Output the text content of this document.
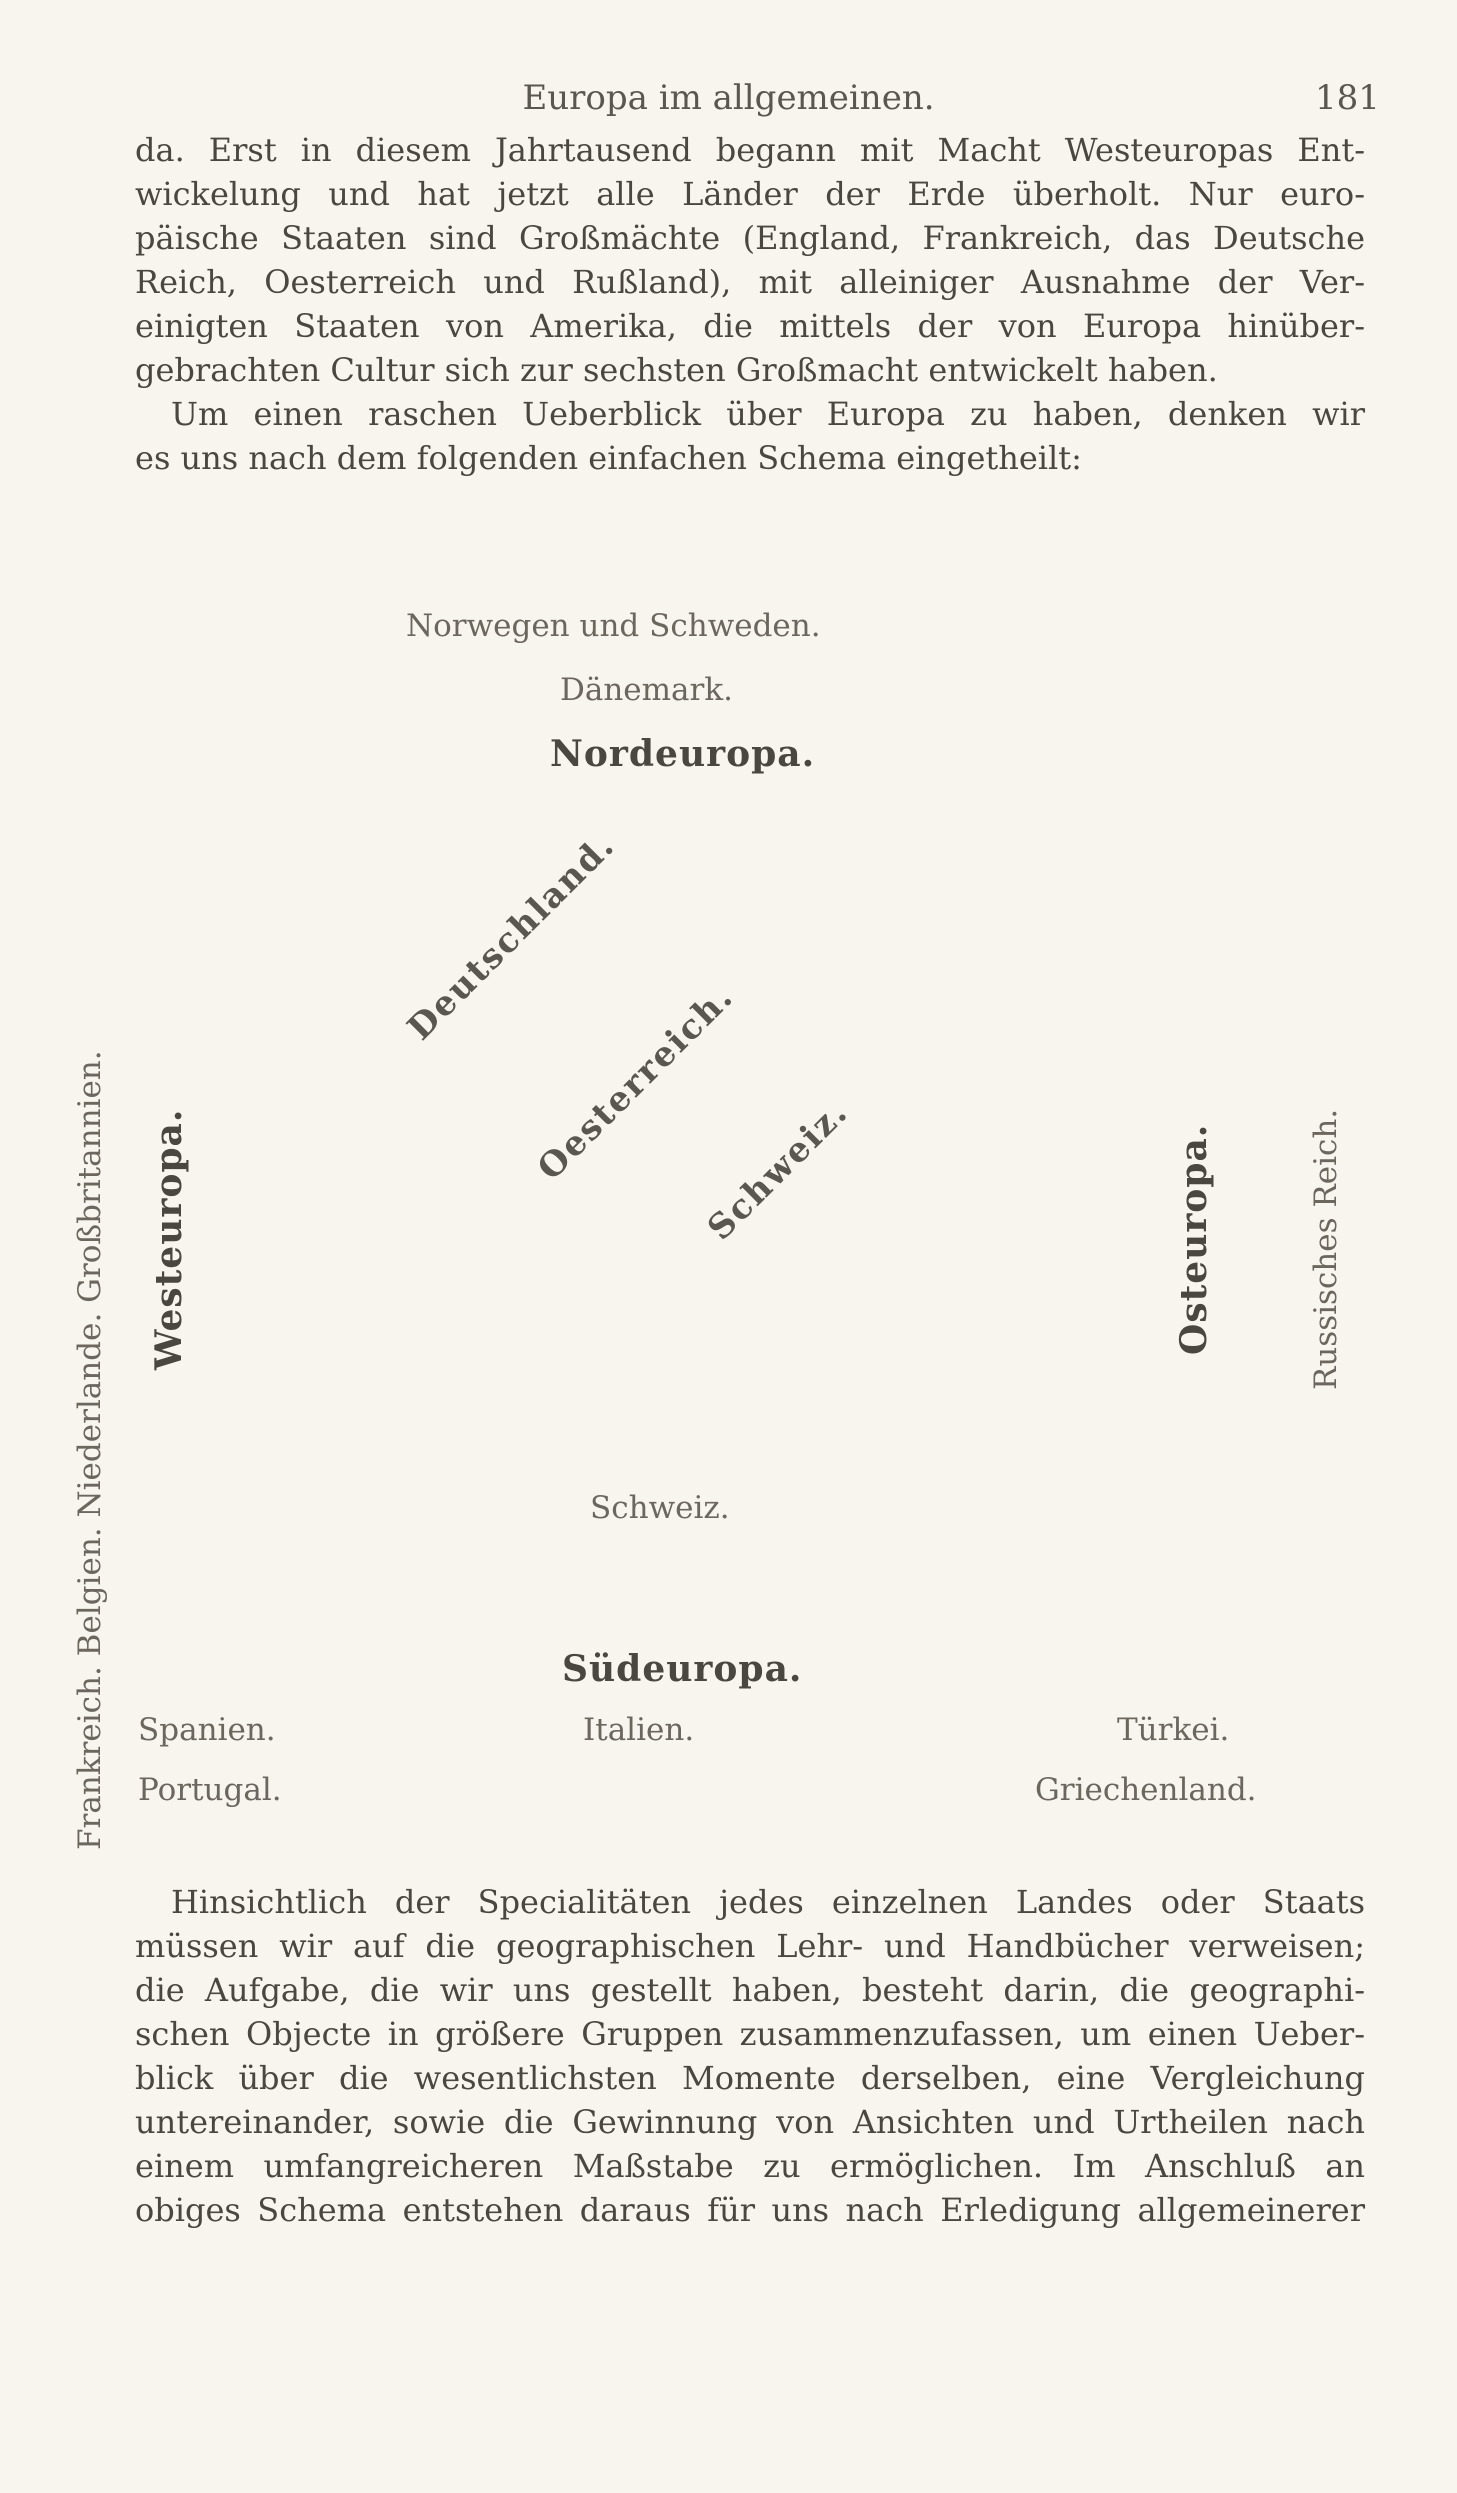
Europa im allgemeinen.	181
da. Erst in diesem Jahrtausend begann mit Macht Westeuropas Ent-
wickelung und hat jetzt alle Länder der Erde überholt. Nur euro-
päische Staaten sind Großmächte (England, Frankreich, das Deutsche
Reich, Oesterreich und Rußland), mit alleiniger Ausnahme der Ver-
einigten Staaten von Amerika, die mittels der von Europa hinüber-
gebrachten Cultur sich zur sechsten Großmacht entwickelt haben.
Um einen raschen Ueberblick über Europa zu haben, denken wir
es uns nach dem folgenden einfachen Schema eingetheilt:
Norwegen und Schweden.
Dänemark.
Nordeuropa.
Frankreich. Belgien. Niederlande. Großbritannien. Westeuropa.	Osteuropa.	Russisches Reich.
Deutschland.
Oesterreich.
Schweiz.
Schweiz.
Südeuropa.
Spanien.	Italien.	Türkei.
Portugal.	Griechenland.
Hinsichtlich der Specialitäten jedes einzelnen Landes oder Staats
müssen wir auf die geographischen Lehr- und Handbücher verweisen;
die Aufgabe, die wir uns gestellt haben, besteht darin, die geographi-
schen Objecte in größere Gruppen zusammenzufassen, um einen Ueber-
blick über die wesentlichsten Momente derselben, eine Vergleichung
untereinander, sowie die Gewinnung von Ansichten und Urtheilen nach
einem umfangreicheren Maßstabe zu ermöglichen. Im Anschluß an
obiges Schema entstehen daraus für uns nach Erledigung allgemeinerer
